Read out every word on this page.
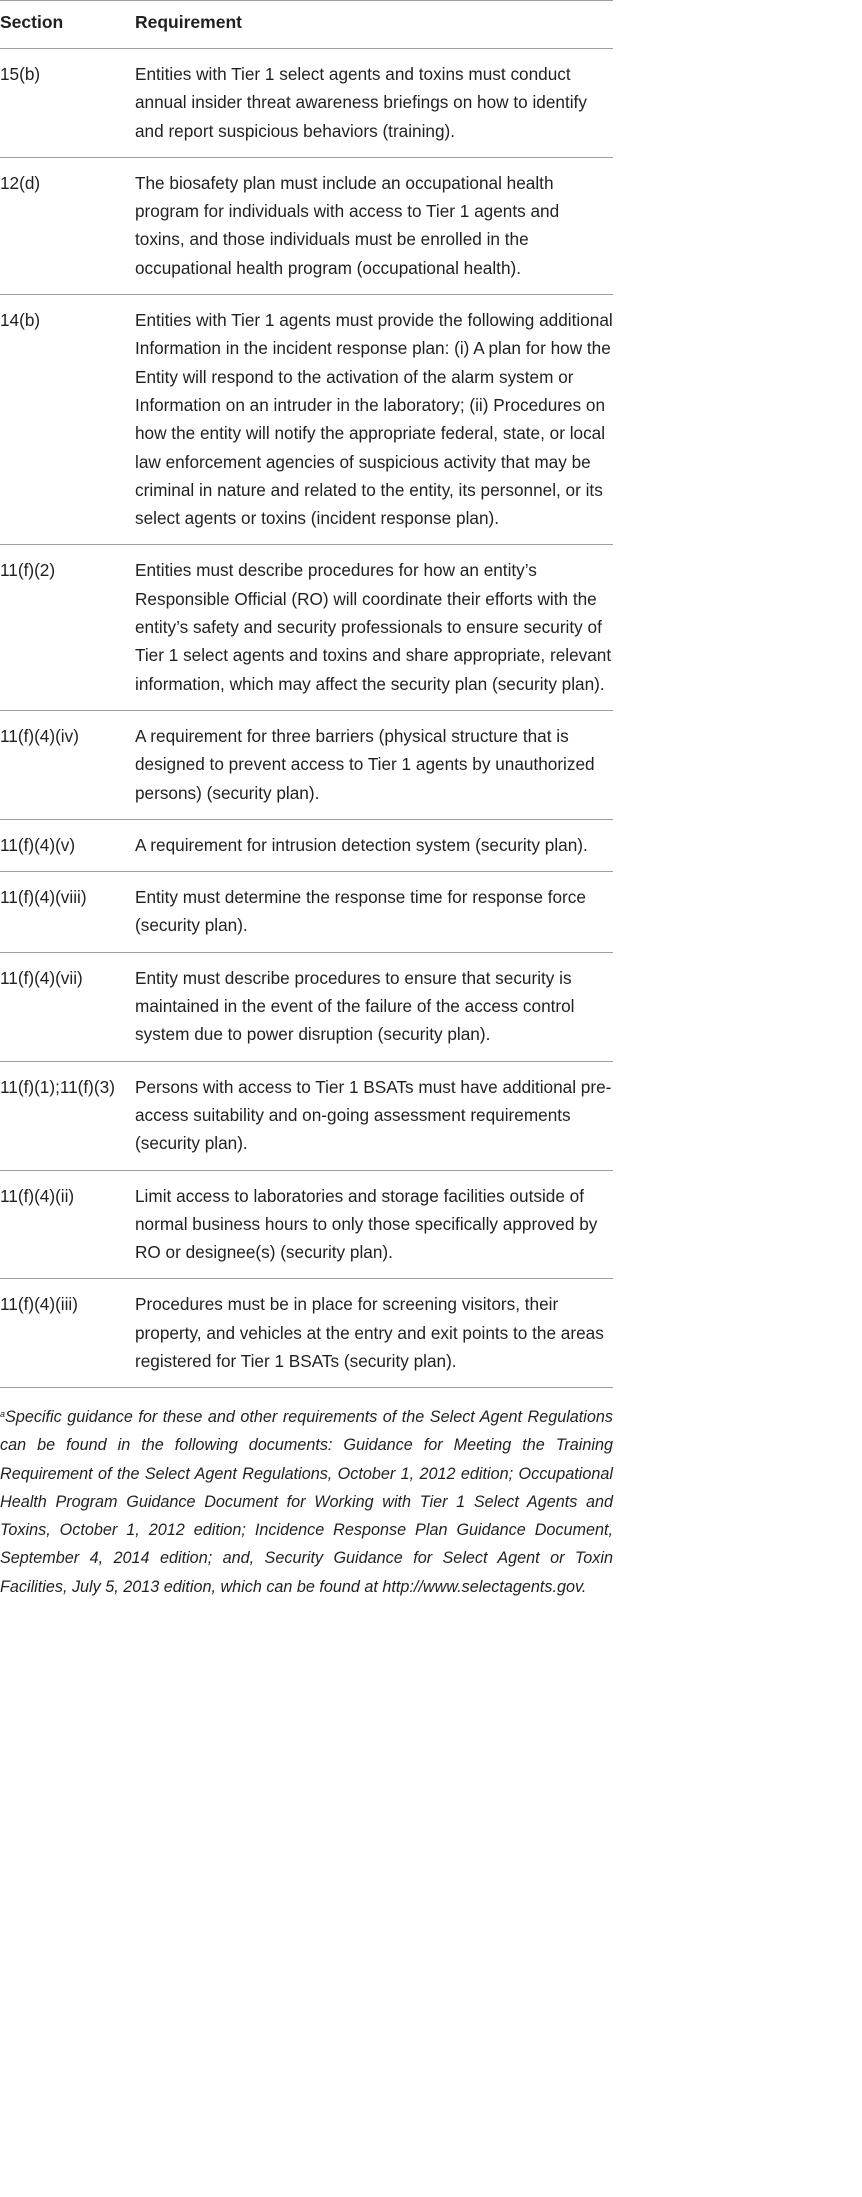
Section	Requirement
15(b)	Entities with Tier 1 select agents and toxins must conduct annual insider threat awareness briefings on how to identify and report suspicious behaviors (training).
12(d)	The biosafety plan must include an occupational health program for individuals with access to Tier 1 agents and toxins, and those individuals must be enrolled in the occupational health program (occupational health).
14(b)	Entities with Tier 1 agents must provide the following additional Information in the incident response plan: (i) A plan for how the Entity will respond to the activation of the alarm system or Information on an intruder in the laboratory; (ii) Procedures on how the entity will notify the appropriate federal, state, or local law enforcement agencies of suspicious activity that may be criminal in nature and related to the entity, its personnel, or its select agents or toxins (incident response plan).
11(f)(2)	Entities must describe procedures for how an entity’s Responsible Official (RO) will coordinate their efforts with the entity’s safety and security professionals to ensure security of Tier 1 select agents and toxins and share appropriate, relevant information, which may affect the security plan (security plan).
11(f)(4)(iv)	A requirement for three barriers (physical structure that is designed to prevent access to Tier 1 agents by unauthorized persons) (security plan).
11(f)(4)(v)	A requirement for intrusion detection system (security plan).
11(f)(4)(viii)	Entity must determine the response time for response force (security plan).
11(f)(4)(vii)	Entity must describe procedures to ensure that security is maintained in the event of the failure of the access control system due to power disruption (security plan).
11(f)(1);11(f)(3)	Persons with access to Tier 1 BSATs must have additional pre-access suitability and on-going assessment requirements (security plan).
11(f)(4)(ii)	Limit access to laboratories and storage facilities outside of normal business hours to only those specifically approved by RO or designee(s) (security plan).
11(f)(4)(iii)	Procedures must be in place for screening visitors, their property, and vehicles at the entry and exit points to the areas registered for Tier 1 BSATs (security plan).

$^a$Specific guidance for these and other requirements of the Select Agent Regulations can be found in the following documents: Guidance for Meeting the Training Requirement of the Select Agent Regulations, October 1, 2012 edition; Occupational Health Program Guidance Document for Working with Tier 1 Select Agents and Toxins, October 1, 2012 edition; Incidence Response Plan Guidance Document, September 4, 2014 edition; and, Security Guidance for Select Agent or Toxin Facilities, July 5, 2013 edition, which can be found at http://www.selectagents.gov.
